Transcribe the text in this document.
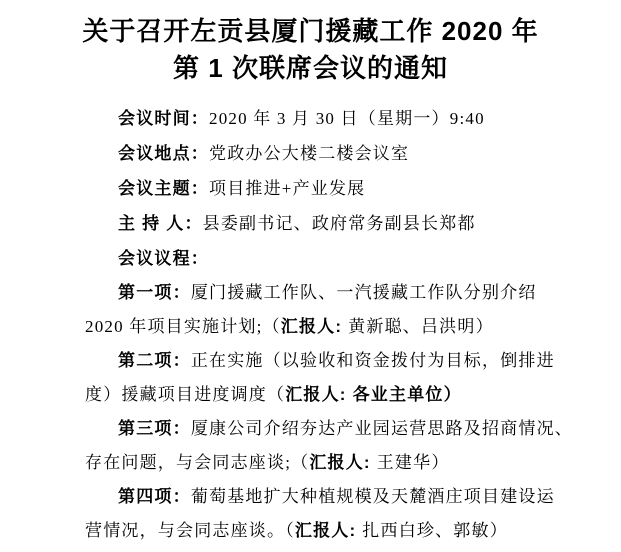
关于召开左贡县厦门援藏工作 2020 年
第 1 次联席会议的通知
会议时间：2020 年 3 月 30 日（星期一）9:40
会议地点：党政办公大楼二楼会议室
会议主题：项目推进+产业发展
主 持 人：县委副书记、政府常务副县长郑都
会议议程：
第一项：厦门援藏工作队、一汽援藏工作队分别介绍
2020 年项目实施计划;（汇报人: 黄新聪、吕洪明）
第二项：正在实施（以验收和资金拨付为目标，倒排进
度）援藏项目进度调度（汇报人: 各业主单位）
第三项：厦康公司介绍夯达产业园运营思路及招商情况、
存在问题，与会同志座谈;（汇报人: 王建华）
第四项：葡萄基地扩大种植规模及天麓酒庄项目建设运
营情况，与会同志座谈。（汇报人: 扎西白珍、郭敏）
